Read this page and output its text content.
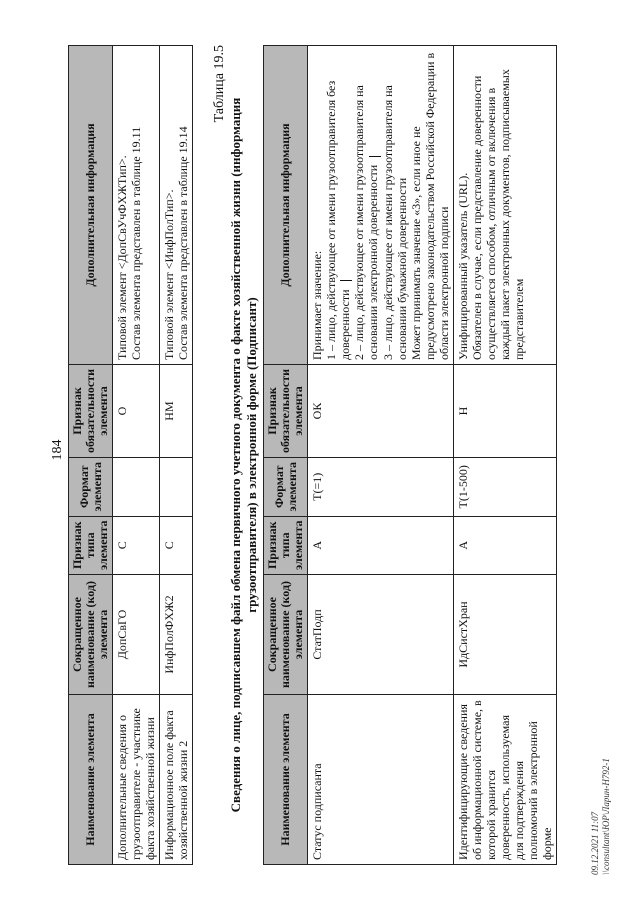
184
Наименование элемента	Сокращенное наименование (код) элемента	Признак типа элемента	Формат элемента	Признак обязательности элемента	Дополнительная информация
Дополнительные сведения о грузоотправителе - участнике факта хозяйственной жизни	ДопСвГО	С		О	Типовой элемент <ДопСвУчФХЖТип>. Состав элемента представлен в таблице 19.11

Информационное поле факта хозяйственной жизни 2	ИнфПолФХЖ2	С		НМ	Типовой элемент <ИнфПолТип>. Состав элемента представлен в таблице 19.14
Таблица 19.5
Сведения о лице, подписавшем файл обмена первичного учетного документа о факте хозяйственной жизни (информация грузоотправителя) в электронной форме (Подписант)
Наименование элемента	Сокращенное наименование (код) элемента	Признак типа элемента	Формат элемента	Признак обязательности элемента	Дополнительная информация
Статус подписанта	СтатПодп	А	T(=1)	ОК	Принимает значение: 1 – лицо, действующее от имени грузоотправителя без доверенности 2 – лицо, действующее от имени грузоотправителя на основании электронной доверенности 3 – лицо, действующее от имени грузоотправителя на основании бумажной доверенности Может принимать значение «3», если иное не предусмотрено законодательством Российской Федерации в области электронной подписи

Идентифицирующие сведения об информационной системе, в которой хранится доверенность, используемая для подтверждения полномочий в электронной форме	ИдСистХран	А	T(1-500)	Н	Унифицированный указатель (URL). Обязателен в случае, если представление доверенности осуществляется способом, отличным от включения в каждый пакет электронных документов, подписываемых представителем
09.12.2021 11:07 \\consultant\ЮР\Ларин-Н792-1
